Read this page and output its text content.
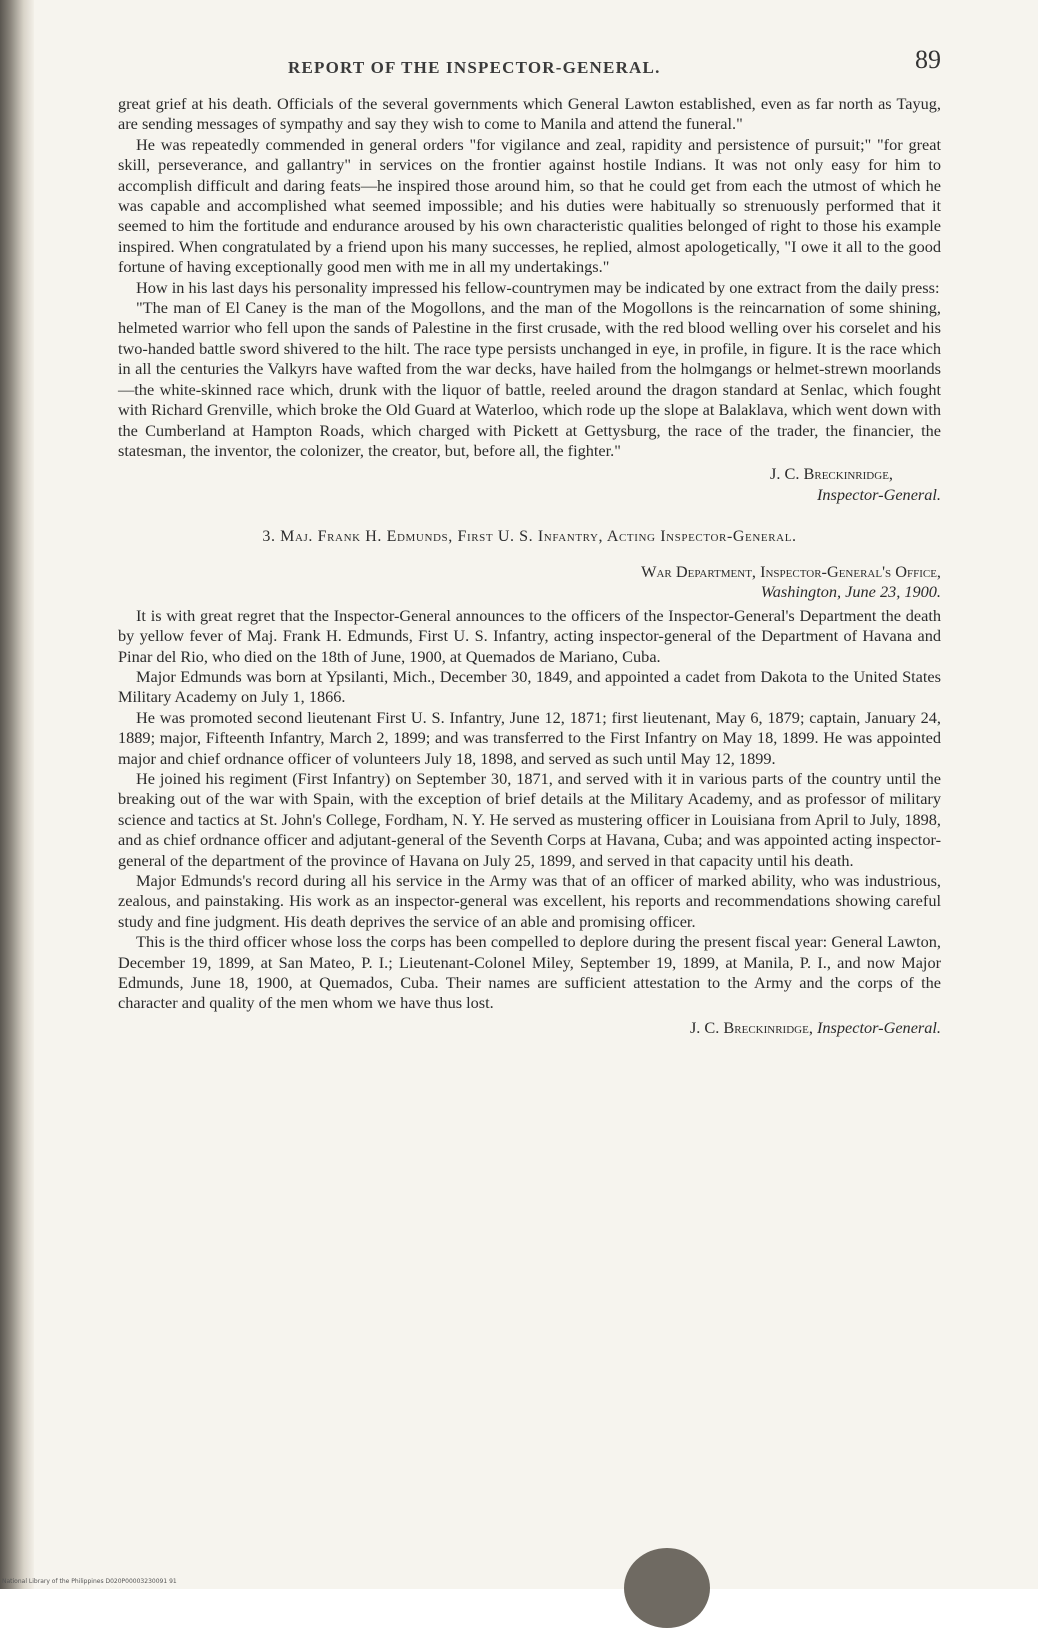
REPORT OF THE INSPECTOR-GENERAL.	89

great grief at his death. Officials of the several governments which General Lawton established, even as far north as Tayug, are sending messages of sympathy and say they wish to come to Manila and attend the funeral."

He was repeatedly commended in general orders "for vigilance and zeal, rapidity and persistence of pursuit;" "for great skill, perseverance, and gallantry" in services on the frontier against hostile Indians. It was not only easy for him to accomplish difficult and daring feats—he inspired those around him, so that he could get from each the utmost of which he was capable and accomplished what seemed impossible; and his duties were habitually so strenuously performed that it seemed to him the fortitude and endurance aroused by his own characteristic qualities belonged of right to those his example inspired. When congratulated by a friend upon his many successes, he replied, almost apologetically, "I owe it all to the good fortune of having exceptionally good men with me in all my undertakings."

How in his last days his personality impressed his fellow-countrymen may be indicated by one extract from the daily press:

"The man of El Caney is the man of the Mogollons, and the man of the Mogollons is the reincarnation of some shining, helmeted warrior who fell upon the sands of Palestine in the first crusade, with the red blood welling over his corselet and his two-handed battle sword shivered to the hilt. The race type persists unchanged in eye, in profile, in figure. It is the race which in all the centuries the Valkyrs have wafted from the war decks, have hailed from the holmgangs or helmet-strewn moorlands—the white-skinned race which, drunk with the liquor of battle, reeled around the dragon standard at Senlac, which fought with Richard Grenville, which broke the Old Guard at Waterloo, which rode up the slope at Balaklava, which went down with the Cumberland at Hampton Roads, which charged with Pickett at Gettysburg, the race of the trader, the financier, the statesman, the inventor, the colonizer, the creator, but, before all, the fighter."

J. C. Breckinridge,
Inspector-General.
3. Maj. Frank H. Edmunds, First U. S. Infantry, Acting Inspector-General.
War Department, Inspector-General's Office,
Washington, June 23, 1900.

It is with great regret that the Inspector-General announces to the officers of the Inspector-General's Department the death by yellow fever of Maj. Frank H. Edmunds, First U. S. Infantry, acting inspector-general of the Department of Havana and Pinar del Rio, who died on the 18th of June, 1900, at Quemados de Mariano, Cuba.

Major Edmunds was born at Ypsilanti, Mich., December 30, 1849, and appointed a cadet from Dakota to the United States Military Academy on July 1, 1866.

He was promoted second lieutenant First U. S. Infantry, June 12, 1871; first lieutenant, May 6, 1879; captain, January 24, 1889; major, Fifteenth Infantry, March 2, 1899; and was transferred to the First Infantry on May 18, 1899. He was appointed major and chief ordnance officer of volunteers July 18, 1898, and served as such until May 12, 1899.

He joined his regiment (First Infantry) on September 30, 1871, and served with it in various parts of the country until the breaking out of the war with Spain, with the exception of brief details at the Military Academy, and as professor of military science and tactics at St. John's College, Fordham, N. Y. He served as mustering officer in Louisiana from April to July, 1898, and as chief ordnance officer and adjutant-general of the Seventh Corps at Havana, Cuba; and was appointed acting inspector-general of the department of the province of Havana on July 25, 1899, and served in that capacity until his death.

Major Edmunds's record during all his service in the Army was that of an officer of marked ability, who was industrious, zealous, and painstaking. His work as an inspector-general was excellent, his reports and recommendations showing careful study and fine judgment. His death deprives the service of an able and promising officer.

This is the third officer whose loss the corps has been compelled to deplore during the present fiscal year: General Lawton, December 19, 1899, at San Mateo, P. I.; Lieutenant-Colonel Miley, September 19, 1899, at Manila, P. I., and now Major Edmunds, June 18, 1900, at Quemados, Cuba. Their names are sufficient attestation to the Army and the corps of the character and quality of the men whom we have thus lost.

J. C. Breckinridge, Inspector-General.
National Library of the Philippines D020P00003230091 91
